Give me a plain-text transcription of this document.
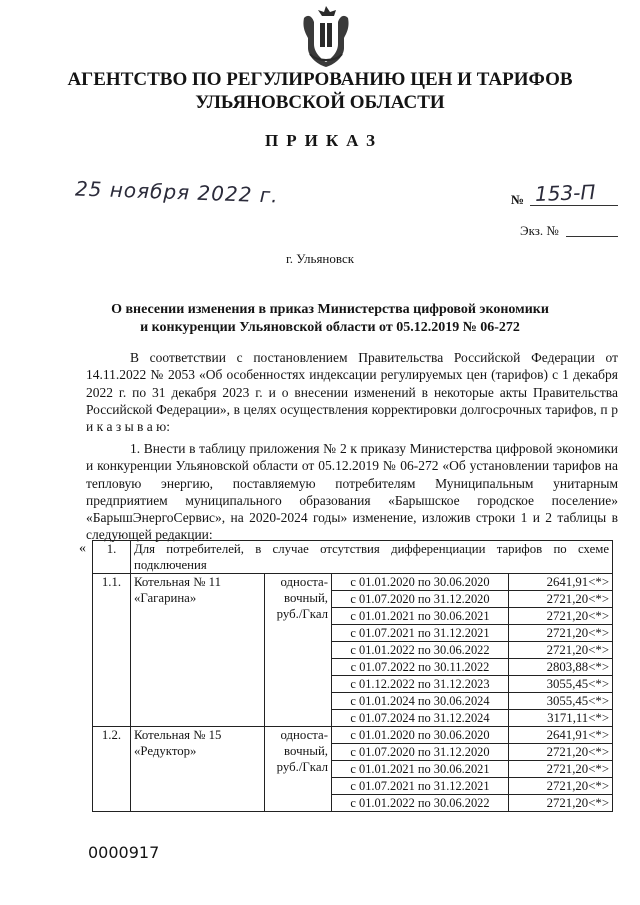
АГЕНТСТВО ПО РЕГУЛИРОВАНИЮ ЦЕН И ТАРИФОВ
УЛЬЯНОВСКОЙ ОБЛАСТИ
ПРИКАЗ
25 ноября 2022 г.	№ 153-П
Экз. №
г. Ульяновск
О внесении изменения в приказ Министерства цифровой экономики
и конкуренции Ульяновской области от 05.12.2019 № 06-272
В соответствии с постановлением Правительства Российской Федерации от 14.11.2022 № 2053 «Об особенностях индексации регулируемых цен (тарифов) с 1 декабря 2022 г. по 31 декабря 2023 г. и о внесении изменений в некоторые акты Правительства Российской Федерации», в целях осуществления корректировки долгосрочных тарифов, п р и к а з ы в а ю:
1. Внести в таблицу приложения № 2 к приказу Министерства цифровой экономики и конкуренции Ульяновской области от 05.12.2019 № 06-272 «Об установлении тарифов на тепловую энергию, поставляемую потребителям Муниципальным унитарным предприятием муниципального образования «Барышское городское поселение» «БарышЭнергоСервис», на 2020-2024 годы» изменение, изложив строки 1 и 2 таблицы в следующей редакции:
« 1.	Для потребителей, в случае отсутствия дифференциации тарифов по схеме подключения			
1.1.	Котельная № 11 «Гагарина»	односта-вочный, руб./Гкал	с 01.01.2020 по 30.06.2020	2641,91<*>
			с 01.07.2020 по 31.12.2020	2721,20<*>
			с 01.01.2021 по 30.06.2021	2721,20<*>
			с 01.07.2021 по 31.12.2021	2721,20<*>
			с 01.01.2022 по 30.06.2022	2721,20<*>
			с 01.07.2022 по 30.11.2022	2803,88<*>
			с 01.12.2022 по 31.12.2023	3055,45<*>
			с 01.01.2024 по 30.06.2024	3055,45<*>
			с 01.07.2024 по 31.12.2024	3171,11<*>
1.2.	Котельная № 15 «Редуктор»	односта-вочный, руб./Гкал	с 01.01.2020 по 30.06.2020	2641,91<*>
			с 01.07.2020 по 31.12.2020	2721,20<*>
			с 01.01.2021 по 30.06.2021	2721,20<*>
			с 01.07.2021 по 31.12.2021	2721,20<*>
			с 01.01.2022 по 30.06.2022	2721,20<*>
0000917
